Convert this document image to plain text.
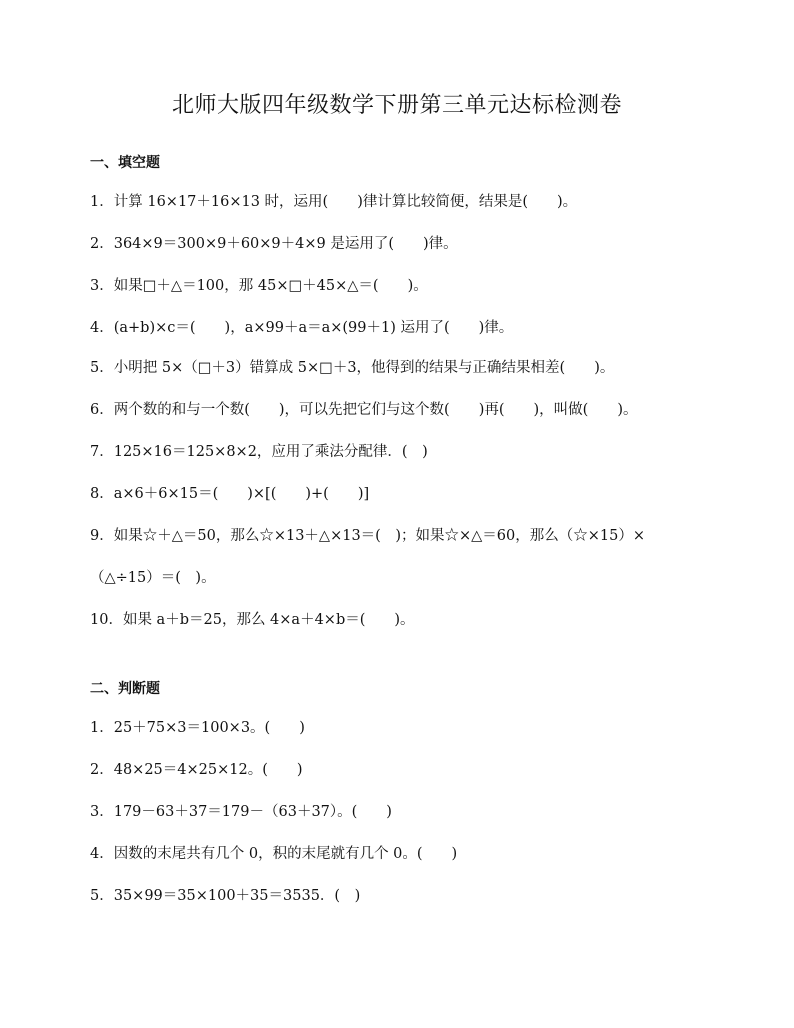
北师大版四年级数学下册第三单元达标检测卷
一、填空题
1．计算 16×17＋16×13 时，运用(　　)律计算比较简便，结果是(　　)。
2．364×9＝300×9＋60×9＋4×9 是运用了(　　)律。
3．如果□＋△＝100，那 45×□＋45×△＝(　　)。
4．(a+b)×c＝(　　)，a×99＋a＝a×(99＋1) 运用了(　　)律。
5．小明把 5×（□＋3）错算成 5×□＋3，他得到的结果与正确结果相差(　　)。
6．两个数的和与一个数(　　)，可以先把它们与这个数(　　)再(　　)，叫做(　　)。
7．125×16＝125×8×2，应用了乘法分配律．(　)
8．a×6＋6×15＝(　　)×[(　　)+(　　)]
9．如果☆＋△＝50，那么☆×13＋△×13＝(　)；如果☆×△＝60，那么（☆×15）×（△÷15）＝(　)。
10．如果 a＋b＝25，那么 4×a＋4×b＝(　　)。
二、判断题
1．25＋75×3＝100×3。(　　)
2．48×25＝4×25×12。(　　)
3．179－63＋37＝179－（63＋37）。(　　)
4．因数的末尾共有几个 0，积的末尾就有几个 0。(　　)
5．35×99＝35×100＋35＝3535．(　)
